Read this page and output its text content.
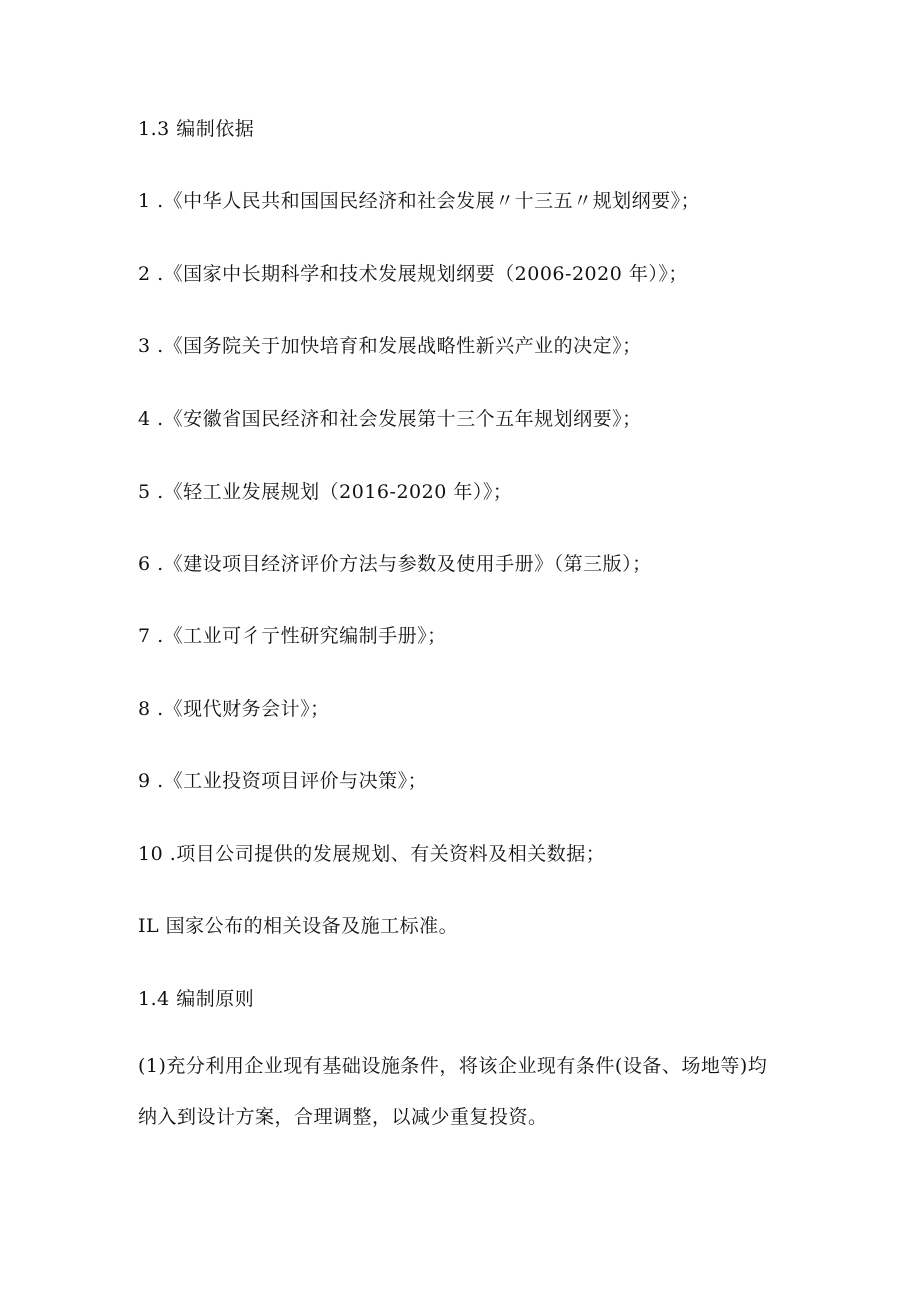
1.3 编制依据
1 .《中华人民共和国国民经济和社会发展〃十三五〃规划纲要》；
2 .《国家中长期科学和技术发展规划纲要（2006-2020 年）》；
3 .《国务院关于加快培育和发展战略性新兴产业的决定》；
4 .《安徽省国民经济和社会发展第十三个五年规划纲要》；
5 .《轻工业发展规划（2016-2020 年）》；
6 .《建设项目经济评价方法与参数及使用手册》（第三版）；
7 .《工业可彳亍性研究编制手册》；
8 .《现代财务会计》；
9 .《工业投资项目评价与决策》；
10 .项目公司提供的发展规划、有关资料及相关数据；
IL 国家公布的相关设备及施工标准。
1.4 编制原则
(1)充分利用企业现有基础设施条件，将该企业现有条件(设备、场地等)均
纳入到设计方案，合理调整，以减少重复投资。
